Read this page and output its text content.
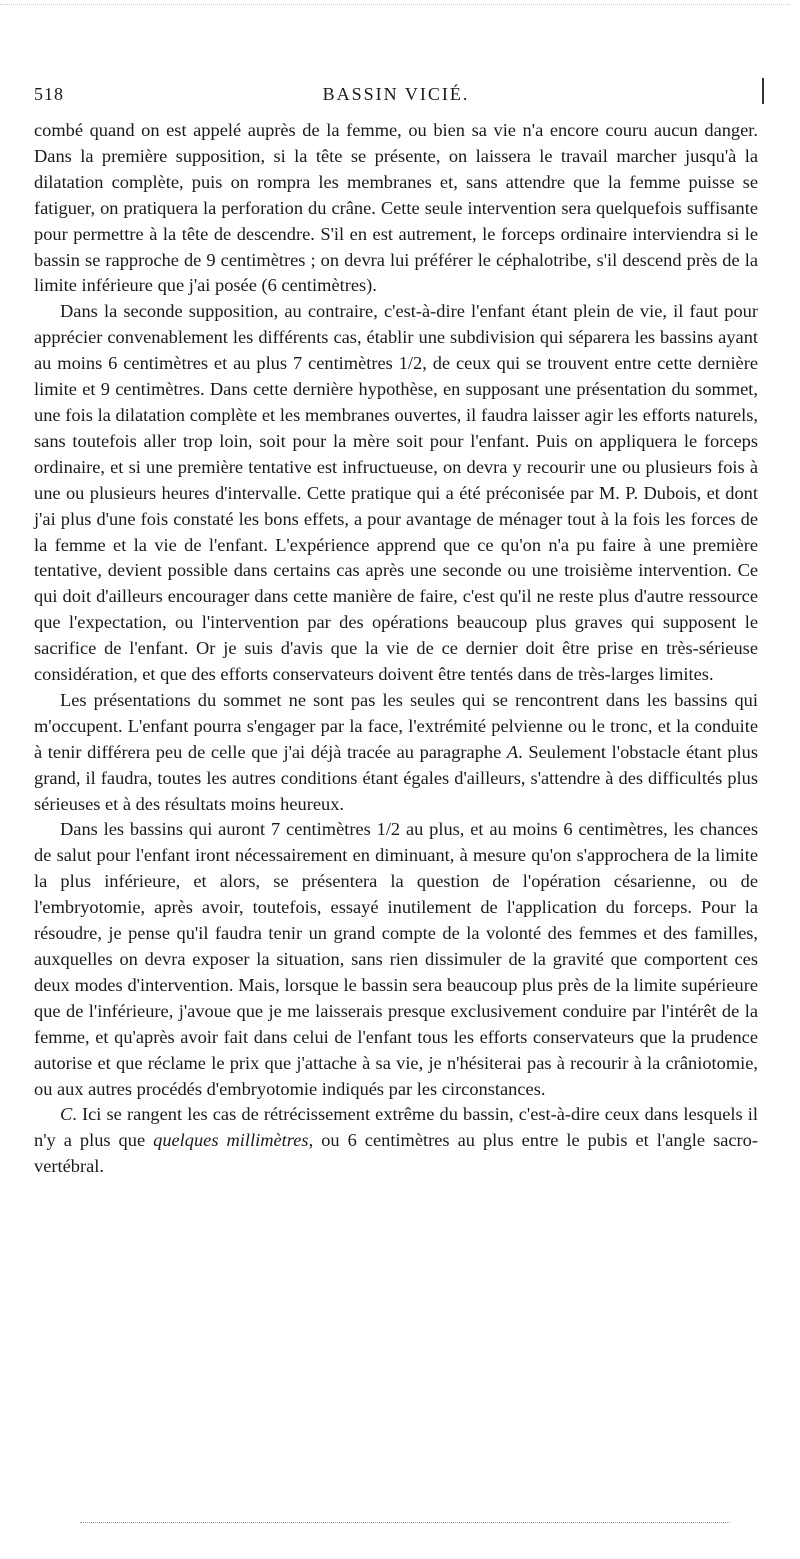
518	BASSIN VICIÉ.

combé quand on est appelé auprès de la femme, ou bien sa vie n'a encore couru aucun danger. Dans la première supposition, si la tête se présente, on laissera le travail marcher jusqu'à la dilatation complète, puis on rompra les membranes et, sans attendre que la femme puisse se fatiguer, on pratiquera la perforation du crâne. Cette seule intervention sera quelquefois suffisante pour permettre à la tête de descendre. S'il en est autrement, le forceps ordinaire interviendra si le bassin se rapproche de 9 centimètres ; on devra lui préférer le céphalotribe, s'il descend près de la limite inférieure que j'ai posée (6 centimètres).

Dans la seconde supposition, au contraire, c'est-à-dire l'enfant étant plein de vie, il faut pour apprécier convenablement les différents cas, établir une subdivision qui séparera les bassins ayant au moins 6 centimètres et au plus 7 centimètres 1/2, de ceux qui se trouvent entre cette dernière limite et 9 centimètres. Dans cette dernière hypothèse, en supposant une présentation du sommet, une fois la dilatation complète et les membranes ouvertes, il faudra laisser agir les efforts naturels, sans toutefois aller trop loin, soit pour la mère soit pour l'enfant. Puis on appliquera le forceps ordinaire, et si une première tentative est infructueuse, on devra y recourir une ou plusieurs fois à une ou plusieurs heures d'intervalle. Cette pratique qui a été préconisée par M. P. Dubois, et dont j'ai plus d'une fois constaté les bons effets, a pour avantage de ménager tout à la fois les forces de la femme et la vie de l'enfant. L'expérience apprend que ce qu'on n'a pu faire à une première tentative, devient possible dans certains cas après une seconde ou une troisième intervention. Ce qui doit d'ailleurs encourager dans cette manière de faire, c'est qu'il ne reste plus d'autre ressource que l'expectation, ou l'intervention par des opérations beaucoup plus graves qui supposent le sacrifice de l'enfant. Or je suis d'avis que la vie de ce dernier doit être prise en très-sérieuse considération, et que des efforts conservateurs doivent être tentés dans de très-larges limites.

Les présentations du sommet ne sont pas les seules qui se rencontrent dans les bassins qui m'occupent. L'enfant pourra s'engager par la face, l'extrémité pelvienne ou le tronc, et la conduite à tenir différera peu de celle que j'ai déjà tracée au paragraphe A. Seulement l'obstacle étant plus grand, il faudra, toutes les autres conditions étant égales d'ailleurs, s'attendre à des difficultés plus sérieuses et à des résultats moins heureux.

Dans les bassins qui auront 7 centimètres 1/2 au plus, et au moins 6 centimètres, les chances de salut pour l'enfant iront nécessairement en diminuant, à mesure qu'on s'approchera de la limite la plus inférieure, et alors, se présentera la question de l'opération césarienne, ou de l'embryotomie, après avoir, toutefois, essayé inutilement de l'application du forceps. Pour la résoudre, je pense qu'il faudra tenir un grand compte de la volonté des femmes et des familles, auxquelles on devra exposer la situation, sans rien dissimuler de la gravité que comportent ces deux modes d'intervention. Mais, lorsque le bassin sera beaucoup plus près de la limite supérieure que de l'inférieure, j'avoue que je me laisserais presque exclusivement conduire par l'intérêt de la femme, et qu'après avoir fait dans celui de l'enfant tous les efforts conservateurs que la prudence autorise et que réclame le prix que j'attache à sa vie, je n'hésiterai pas à recourir à la crâniotomie, ou aux autres procédés d'embryotomie indiqués par les circonstances.

C. Ici se rangent les cas de rétrécissement extrême du bassin, c'est-à-dire ceux dans lesquels il n'y a plus que quelques millimètres, ou 6 centimètres au plus entre le pubis et l'angle sacro-vertébral.
